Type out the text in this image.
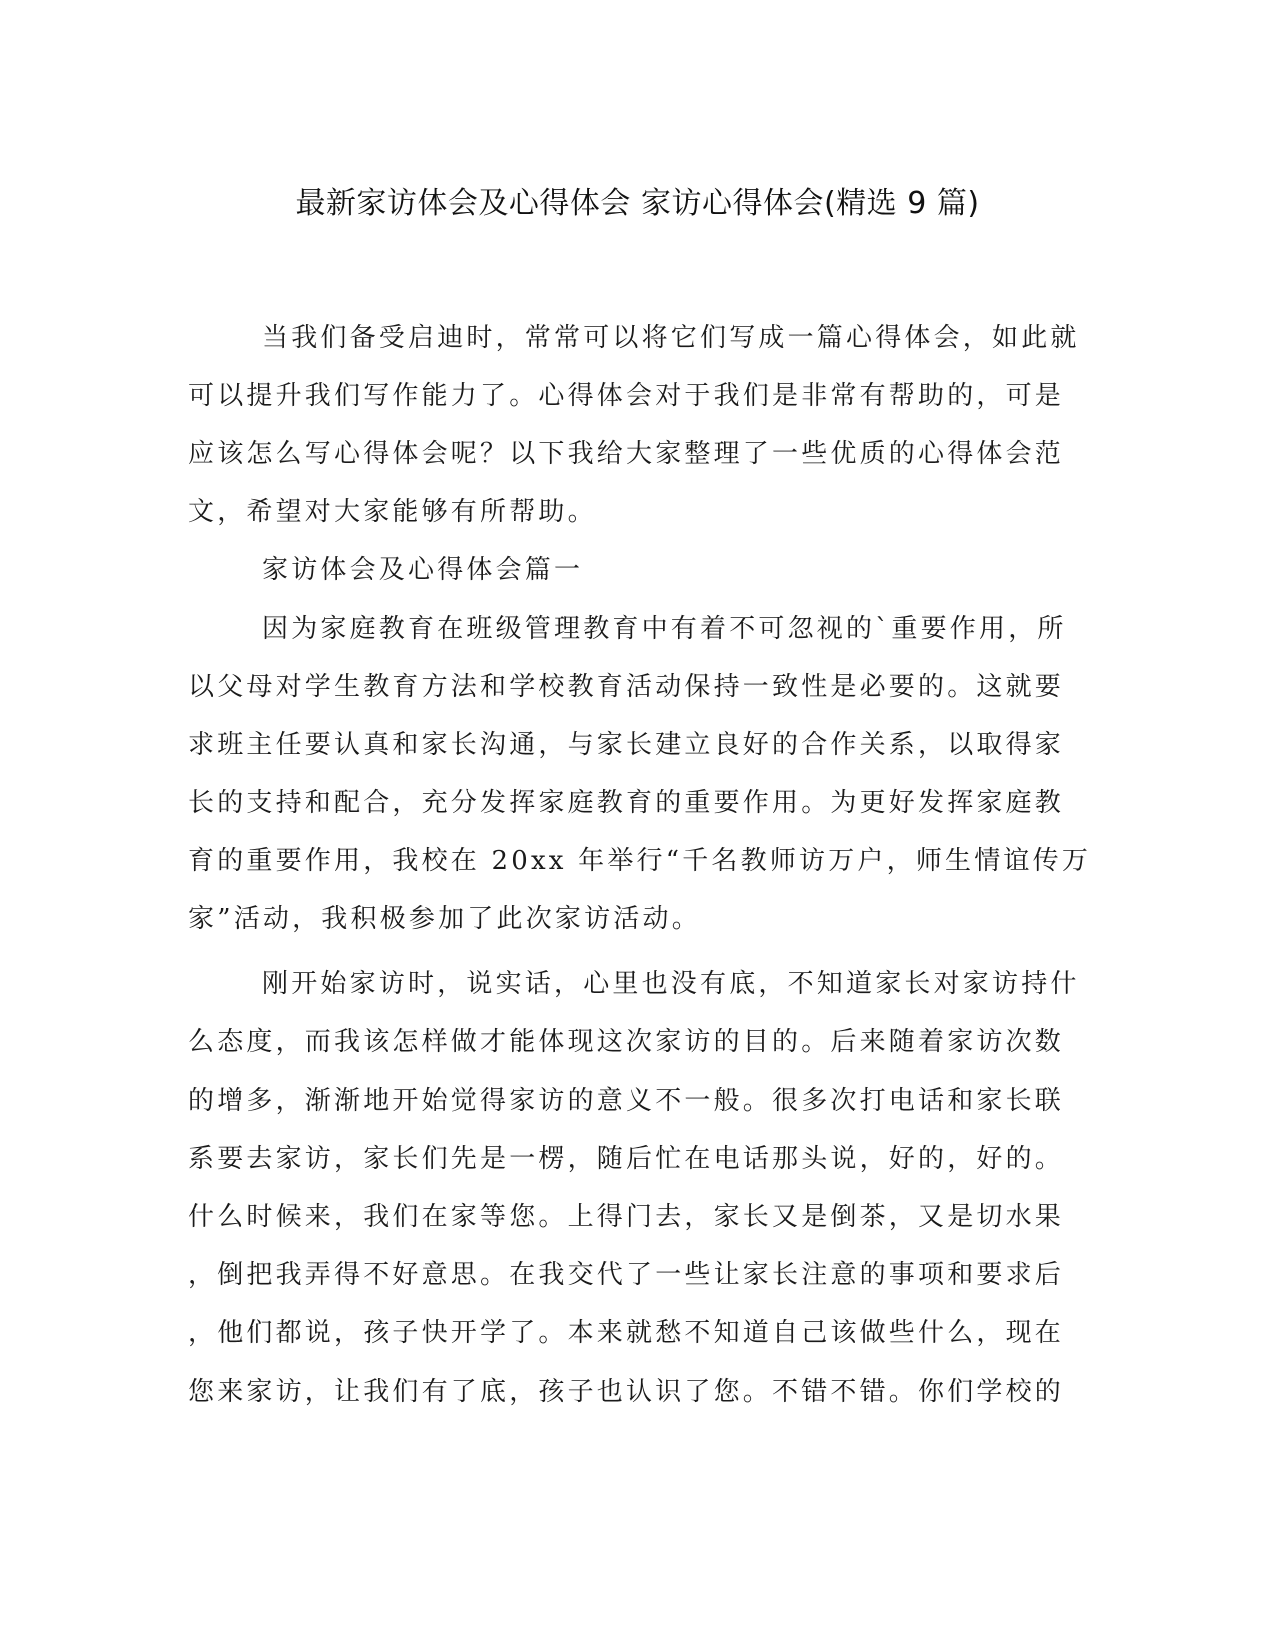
最新家访体会及心得体会 家访心得体会(精选 9 篇)

当我们备受启迪时，常常可以将它们写成一篇心得体会，如此就

可以提升我们写作能力了。心得体会对于我们是非常有帮助的，可是

应该怎么写心得体会呢？以下我给大家整理了一些优质的心得体会范

文，希望对大家能够有所帮助。

家访体会及心得体会篇一

因为家庭教育在班级管理教育中有着不可忽视的`重要作用，所

以父母对学生教育方法和学校教育活动保持一致性是必要的。这就要

求班主任要认真和家长沟通，与家长建立良好的合作关系，以取得家

长的支持和配合，充分发挥家庭教育的重要作用。为更好发挥家庭教

育的重要作用，我校在 20xx 年举行“千名教师访万户，师生情谊传万

家”活动，我积极参加了此次家访活动。

刚开始家访时，说实话，心里也没有底，不知道家长对家访持什

么态度，而我该怎样做才能体现这次家访的目的。后来随着家访次数

的增多，渐渐地开始觉得家访的意义不一般。很多次打电话和家长联

系要去家访，家长们先是一楞，随后忙在电话那头说，好的，好的。

什么时候来，我们在家等您。上得门去，家长又是倒茶，又是切水果

，倒把我弄得不好意思。在我交代了一些让家长注意的事项和要求后

，他们都说，孩子快开学了。本来就愁不知道自己该做些什么，现在

您来家访，让我们有了底，孩子也认识了您。不错不错。你们学校的
